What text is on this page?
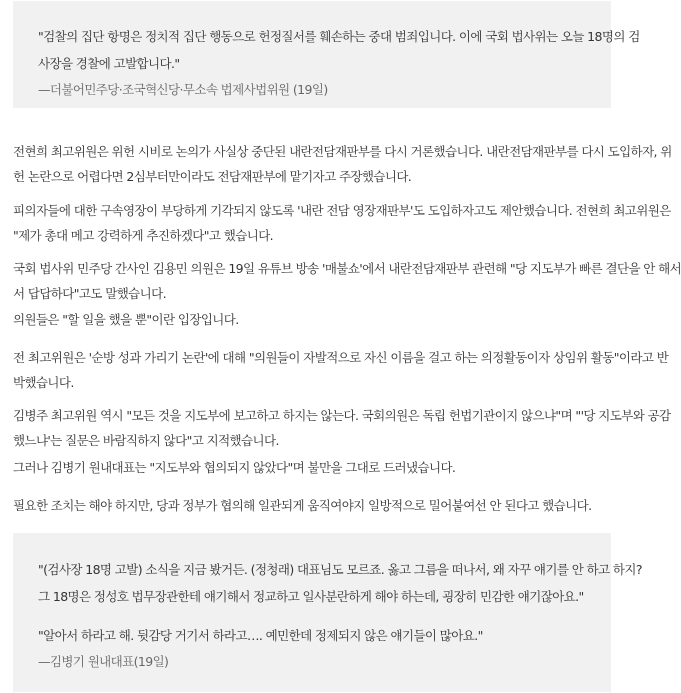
"검찰의 집단 항명은 정치적 집단 행동으로 헌정질서를 훼손하는 중대 범죄입니다. 이에 국회 법사위는 오늘 18명의 검
사장을 경찰에 고발합니다."
—더불어민주당·조국혁신당·무소속 법제사법위원 (19일)
전현희 최고위원은 위헌 시비로 논의가 사실상 중단된 내란전담재판부를 다시 거론했습니다. 내란전담재판부를 다시 도입하자, 위
헌 논란으로 어렵다면 2심부터만이라도 전담재판부에 맡기자고 주장했습니다.
피의자들에 대한 구속영장이 부당하게 기각되지 않도록 '내란 전담 영장재판부'도 도입하자고도 제안했습니다. 전현희 최고위원은
"제가 총대 메고 강력하게 추진하겠다"고 했습니다.
국회 법사위 민주당 간사인 김용민 의원은 19일 유튜브 방송 '매불쇼'에서 내란전담재판부 관련해 "당 지도부가 빠른 결단을 안 해서
서 답답하다"고도 말했습니다.
의원들은 "할 일을 했을 뿐"이란 입장입니다.
전 최고위원은 '순방 성과 가리기 논란'에 대해 "의원들이 자발적으로 자신 이름을 걸고 하는 의정활동이자 상임위 활동"이라고 반
박했습니다.
김병주 최고위원 역시 "모든 것을 지도부에 보고하고 하지는 않는다. 국회의원은 독립 헌법기관이지 않으냐"며 "'당 지도부와 공감
했느냐'는 질문은 바람직하지 않다"고 지적했습니다.
그러나 김병기 원내대표는 "지도부와 협의되지 않았다"며 불만을 그대로 드러냈습니다.
필요한 조치는 해야 하지만, 당과 정부가 협의해 일관되게 움직여야지 일방적으로 밀어붙여선 안 된다고 했습니다.
"(검사장 18명 고발) 소식을 지금 봤거든. (정청래) 대표님도 모르죠. 옳고 그름을 떠나서, 왜 자꾸 얘기를 안 하고 하지?
그 18명은 정성호 법무장관한테 얘기해서 정교하고 일사분란하게 해야 하는데, 굉장히 민감한 얘기잖아요."
"알아서 하라고 해. 뒷감당 거기서 하라고…. 예민한데 정제되지 않은 얘기들이 많아요."
—김병기 원내대표(19일)
